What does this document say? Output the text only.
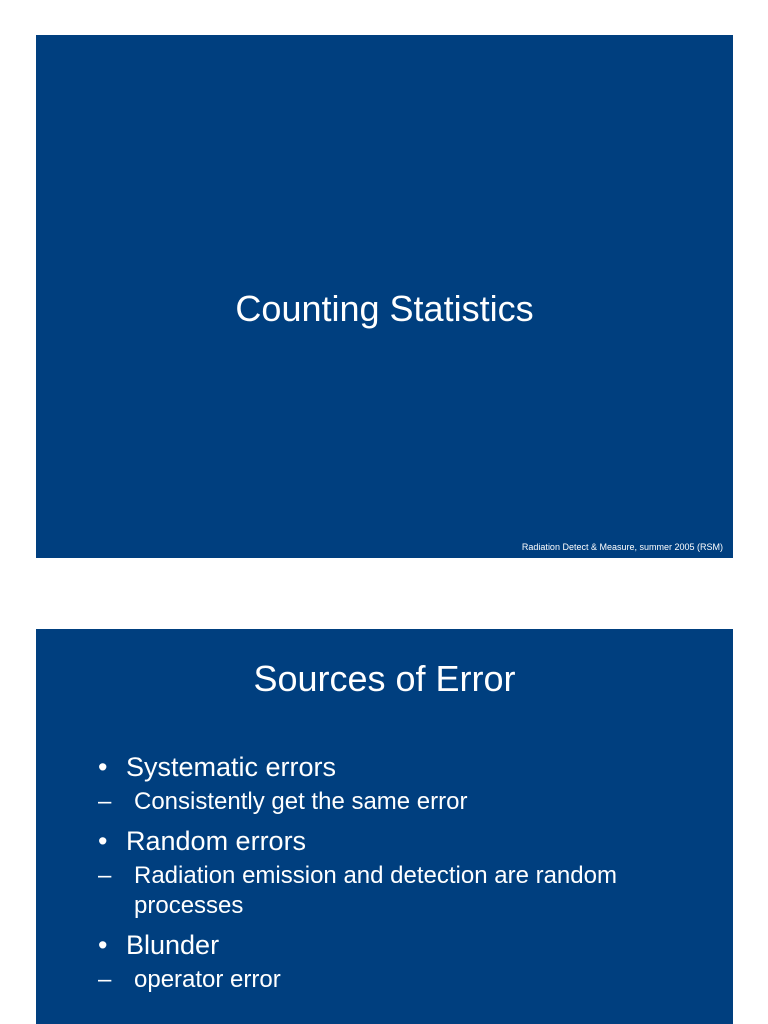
Counting Statistics
Radiation Detect & Measure, summer 2005 (RSM)
Sources of Error
• Systematic errors
– Consistently get the same error
• Random errors
– Radiation emission and detection are random processes
• Blunder
– operator error
